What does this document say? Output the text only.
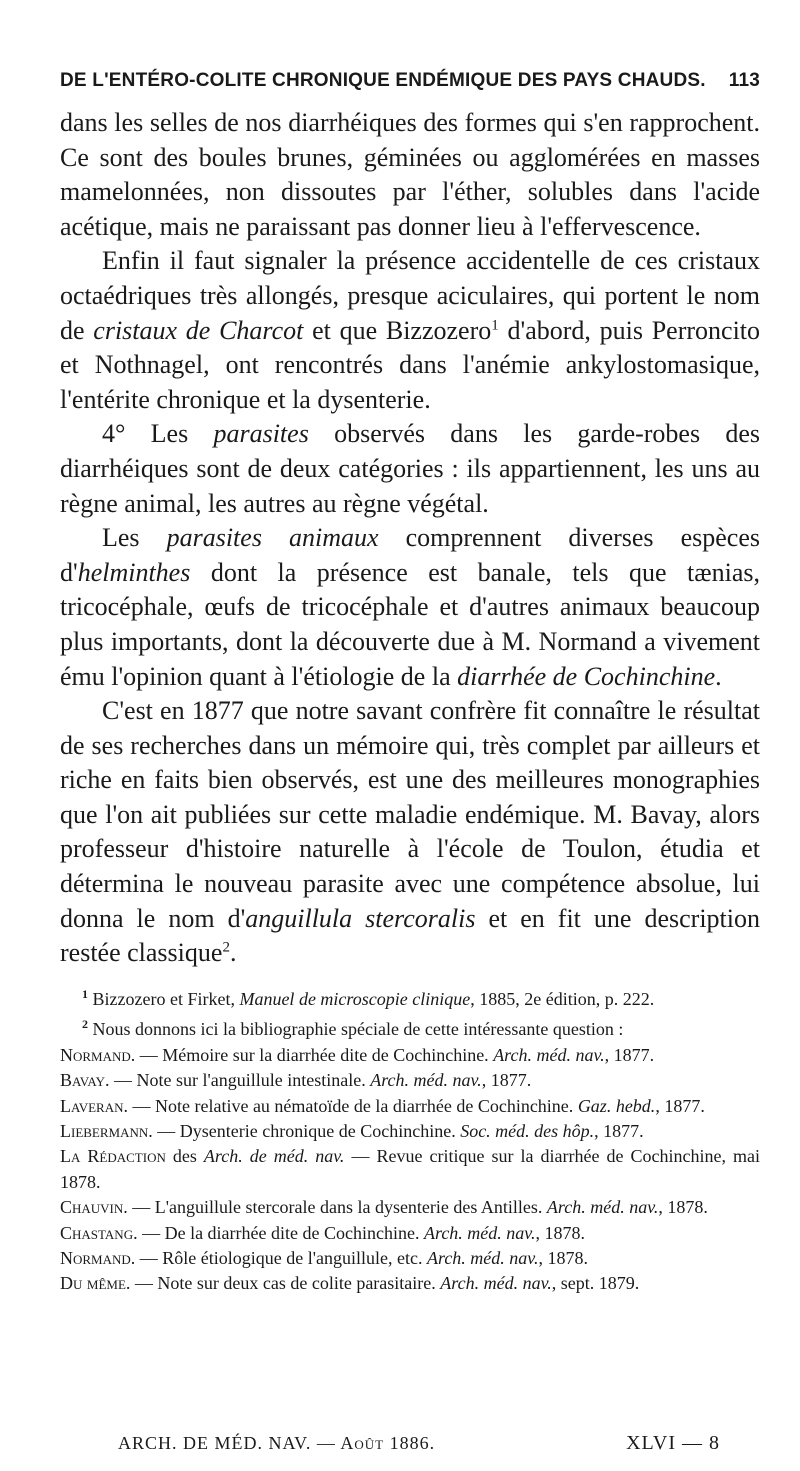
DE L'ENTÉRO-COLITE CHRONIQUE ENDÉMIQUE DES PAYS CHAUDS. 113

dans les selles de nos diarrhéiques des formes qui s'en rapprochent. Ce sont des boules brunes, géminées ou agglomérées en masses mamelonnées, non dissoutes par l'éther, solubles dans l'acide acétique, mais ne paraissant pas donner lieu à l'effervescence.

Enfin il faut signaler la présence accidentelle de ces cristaux octaédriques très allongés, presque aciculaires, qui portent le nom de cristaux de Charcot et que Bizzozero$^1$ d'abord, puis Perroncito et Nothnagel, ont rencontrés dans l'anémie ankylostomasique, l'entérite chronique et la dysenterie.

4° Les parasites observés dans les garde-robes des diarrhéiques sont de deux catégories : ils appartiennent, les uns au règne animal, les autres au règne végétal.

Les parasites animaux comprennent diverses espèces d'helminthes dont la présence est banale, tels que tænias, tricocéphale, œufs de tricocéphale et d'autres animaux beaucoup plus importants, dont la découverte due à M. Normand a vivement ému l'opinion quant à l'étiologie de la diarrhée de Cochinchine.

C'est en 1877 que notre savant confrère fit connaître le résultat de ses recherches dans un mémoire qui, très complet par ailleurs et riche en faits bien observés, est une des meilleures monographies que l'on ait publiées sur cette maladie endémique. M. Bavay, alors professeur d'histoire naturelle à l'école de Toulon, étudia et détermina le nouveau parasite avec une compétence absolue, lui donna le nom d'anguillula stercoralis et en fit une description restée classique$^2$.

$^1$ Bizzozero et Firket, Manuel de microscopie clinique, 1885, 2e édition, p. 222.

$^2$ Nous donnons ici la bibliographie spéciale de cette intéressante question :

Normand. — Mémoire sur la diarrhée dite de Cochinchine. Arch. méd. nav., 1877.

Bavay. — Note sur l'anguillule intestinale. Arch. méd. nav., 1877.

Laveran. — Note relative au nématoïde de la diarrhée de Cochinchine. Gaz. hebd., 1877.

Liebermann. — Dysenterie chronique de Cochinchine. Soc. méd. des hôp., 1877.

La Rédaction des Arch. de méd. nav. — Revue critique sur la diarrhée de Cochinchine, mai 1878.

Chauvin. — L'anguillule stercorale dans la dysenterie des Antilles. Arch. méd. nav., 1878.

Chastang. — De la diarrhée dite de Cochinchine. Arch. méd. nav., 1878.

Normand. — Rôle étiologique de l'anguillule, etc. Arch. méd. nav., 1878.

Du même. — Note sur deux cas de colite parasitaire. Arch. méd. nav., sept. 1879.

ARCH. DE MÉD. NAV. — Août 1886.	XLVI — 8
